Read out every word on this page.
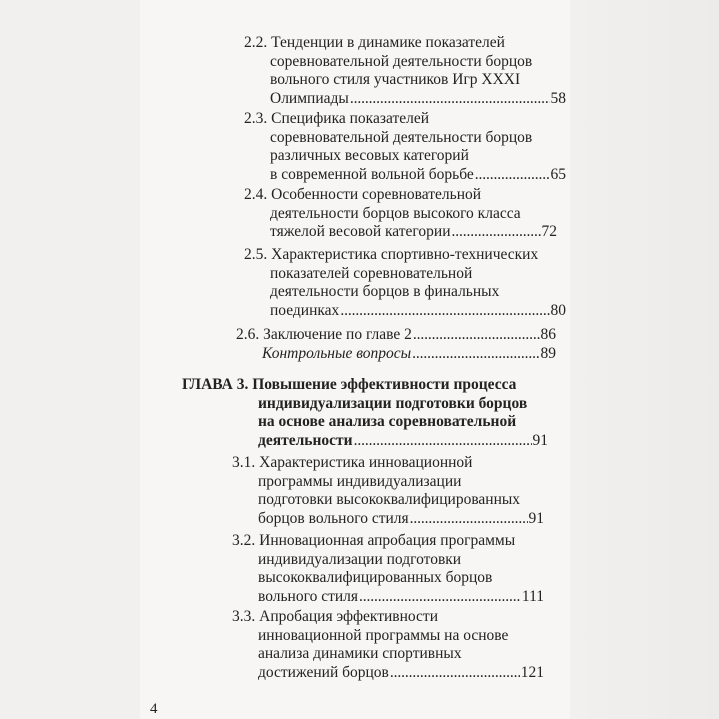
2.2. Тенденции в динамике показателей
соревновательной деятельности борцов
вольного стиля участников Игр XXXI
Олимпиады . . .	58
2.3. Специфика показателей
соревновательной деятельности борцов
различных весовых категорий
в современной вольной борьбе . . .	65
2.4. Особенности соревновательной
деятельности борцов высокого класса
тяжелой весовой категории . . .	72
2.5. Характеристика спортивно-технических
показателей соревновательной
деятельности борцов в финальных
поединках . . .	80
2.6.
Заключение по главе 2 . . .	86
Контрольные вопросы . . .	89
ГЛАВА 3. Повышение эффективности процесса
индивидуализации подготовки борцов
на основе анализа соревновательной
деятельности . . .	91
3.1. Характеристика инновационной
программы индивидуализации
подготовки высококвалифицированных
борцов вольного стиля . . .	91
3.2. Инновационная апробация программы
индивидуализации подготовки
высококвалифицированных борцов
вольного стиля . . .	111
3.3. Апробация эффективности
инновационной программы на основе
анализа динамики спортивных
достижений борцов . . .	121
4
